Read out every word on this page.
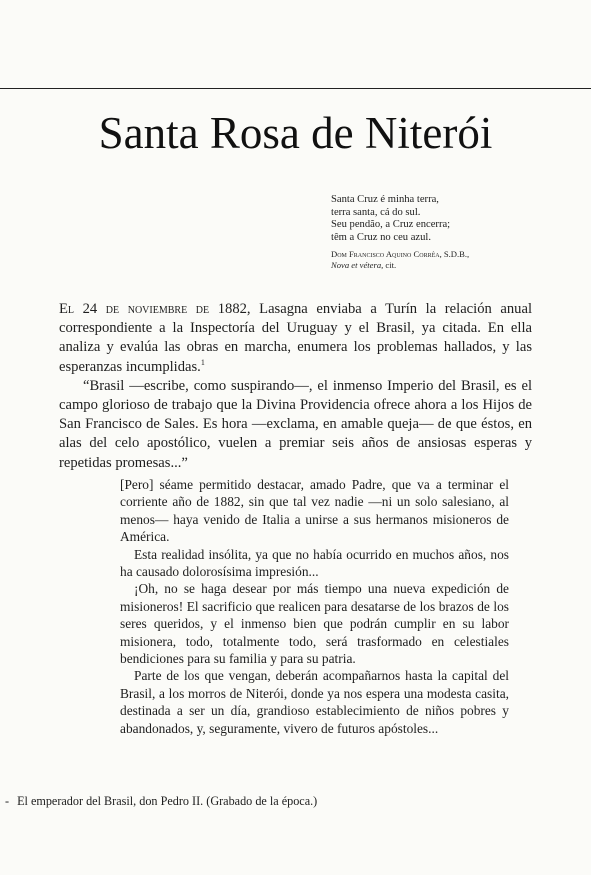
Santa Rosa de Niterói
Santa Cruz é minha terra,
terra santa, cá do sul.
Seu pendão, a Cruz encerra;
têm a Cruz no ceu azul.
Dom Francisco Aquino Corrêa, S.D.B.,
Nova et vétera, cit.

El 24 de noviembre de 1882, Lasagna enviaba a Turín la relación anual correspondiente a la Inspectoría del Uruguay y el Brasil, ya citada. En ella analiza y evalúa las obras en marcha, enumera los problemas hallados, y las esperanzas incumplidas.$^1$

“Brasil —escribe, como suspirando—, el inmenso Imperio del Brasil, es el campo glorioso de trabajo que la Divina Providencia ofrece ahora a los Hijos de San Francisco de Sales. Es hora —exclama, en amable queja— de que éstos, en alas del celo apostólico, vuelen a premiar seis años de ansiosas esperas y repetidas promesas...”

[Pero] séame permitido destacar, amado Padre, que va a terminar el corriente año de 1882, sin que tal vez nadie —ni un solo salesiano, al menos— haya venido de Italia a unirse a sus hermanos misioneros de América.

Esta realidad insólita, ya que no había ocurrido en muchos años, nos ha causado dolorosísima impresión...

¡Oh, no se haga desear por más tiempo una nueva expedición de misioneros! El sacrificio que realicen para desatarse de los brazos de los seres queridos, y el inmenso bien que podrán cumplir en su labor misionera, todo, totalmente todo, será trasformado en celestiales bendiciones para su familia y para su patria.

Parte de los que vengan, deberán acompañarnos hasta la capital del Brasil, a los morros de Niterói, donde ya nos espera una modesta casita, destinada a ser un día, grandioso establecimiento de niños pobres y abandonados, y, seguramente, vivero de futuros apóstoles...

- El emperador del Brasil, don Pedro II. (Grabado de la época.)
